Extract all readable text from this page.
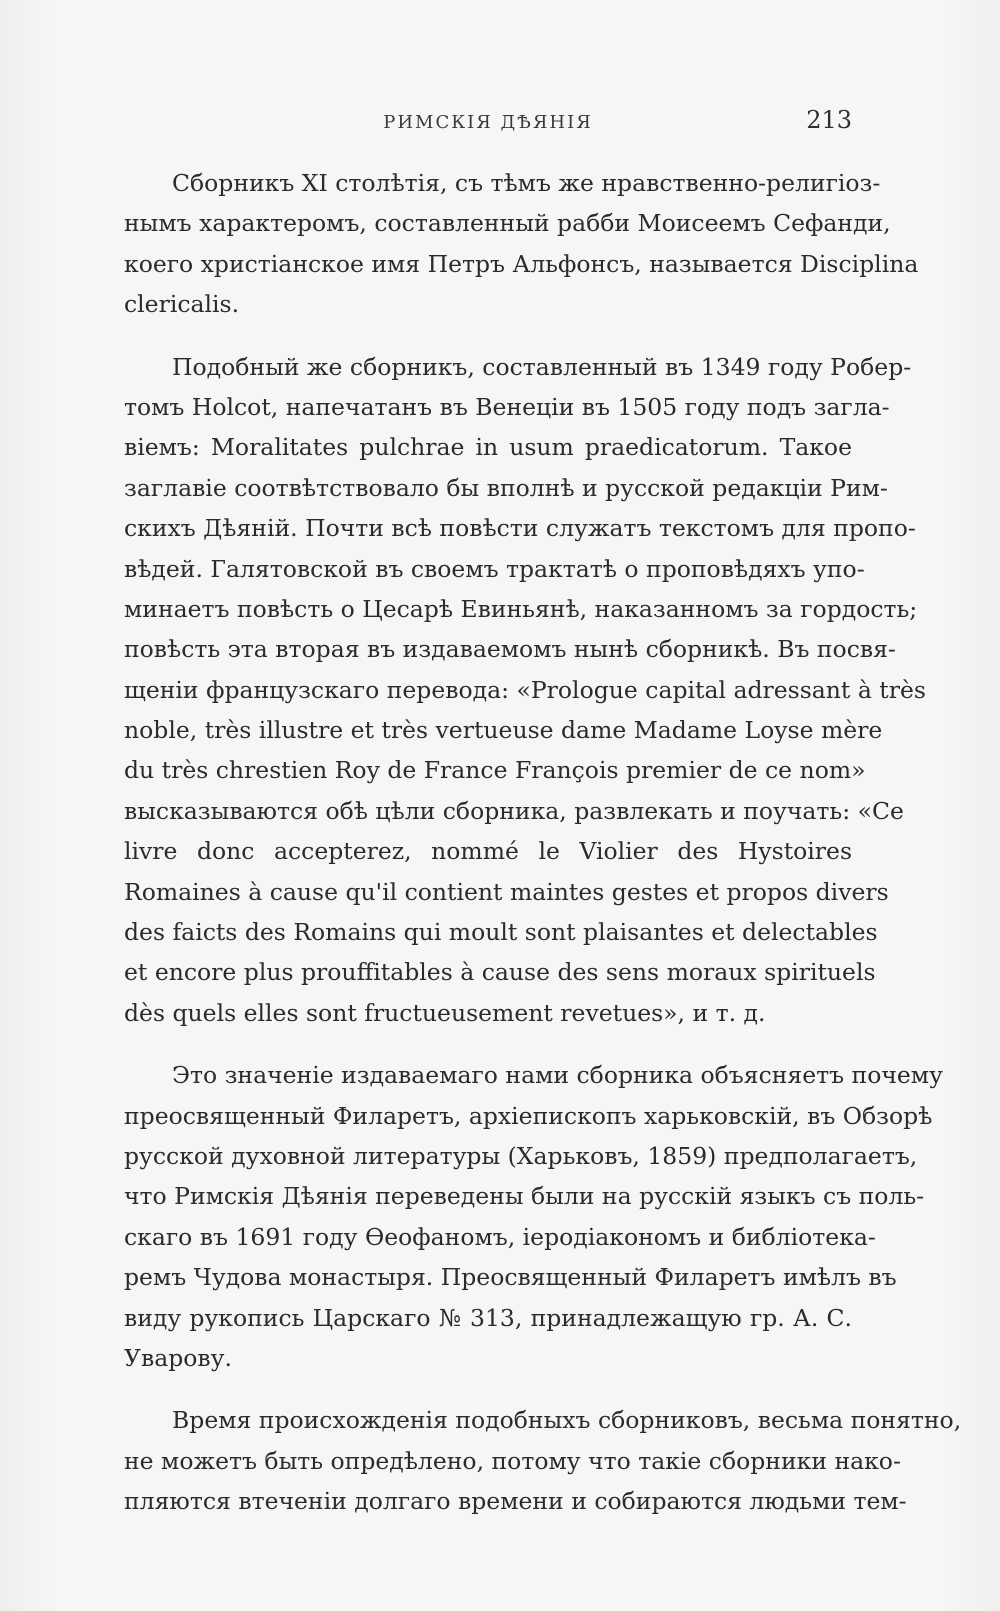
РИМСКІЯ ДѢЯНІЯ	213
Сборникъ XI столѣтія, съ тѣмъ же нравственно-религіоз-
нымъ характеромъ, составленный рабби Моисеемъ Сефанди,
коего христіанское имя Петръ Альфонсъ, называется Disciplina
clericalis.
Подобный же сборникъ, составленный въ 1349 году Робер-
томъ Holcot, напечатанъ въ Венеціи въ 1505 году подъ загла-
віемъ: Moralitates pulchrae in usum praedicatorum. Такое
заглавіе соотвѣтствовало бы вполнѣ и русской редакціи Рим-
скихъ Дѣяній. Почти всѣ повѣсти служатъ текстомъ для пропо-
вѣдей. Галятовской въ своемъ трактатѣ о проповѣдяхъ упо-
минаетъ повѣсть о Цесарѣ Евиньянѣ, наказанномъ за гордость;
повѣсть эта вторая въ издаваемомъ нынѣ сборникѣ. Въ посвя-
щеніи французскаго перевода: «Prologue capital adressant à très
noble, très illustre et très vertueuse dame Madame Loyse mère
du très chrestien Roy de France François premier de ce nom»
высказываются обѣ цѣли сборника, развлекать и поучать: «Ce
livre donc accepterez, nommé le Violier des Hystoires
Romaines à cause qu'il contient maintes gestes et propos divers
des faicts des Romains qui moult sont plaisantes et delectables
et encore plus prouffitables à cause des sens moraux spirituels
dès quels elles sont fructueusement revetues», и т. д.
Это значеніе издаваемаго нами сборника объясняетъ почему
преосвященный Филаретъ, архіепископъ харьковскій, въ Обзорѣ
русской духовной литературы (Харьковъ, 1859) предполагаетъ,
что Римскія Дѣянія переведены были на русскій языкъ съ поль-
скаго въ 1691 году Ѳеофаномъ, іеродіакономъ и библіотека-
ремъ Чудова монастыря. Преосвященный Филаретъ имѣлъ въ
виду рукопись Царскаго № 313, принадлежащую гр. А. С.
Уварову.
Время происхожденія подобныхъ сборниковъ, весьма понятно,
не можетъ быть опредѣлено, потому что такіе сборники нако-
пляются втеченіи долгаго времени и собираются людьми тем-
